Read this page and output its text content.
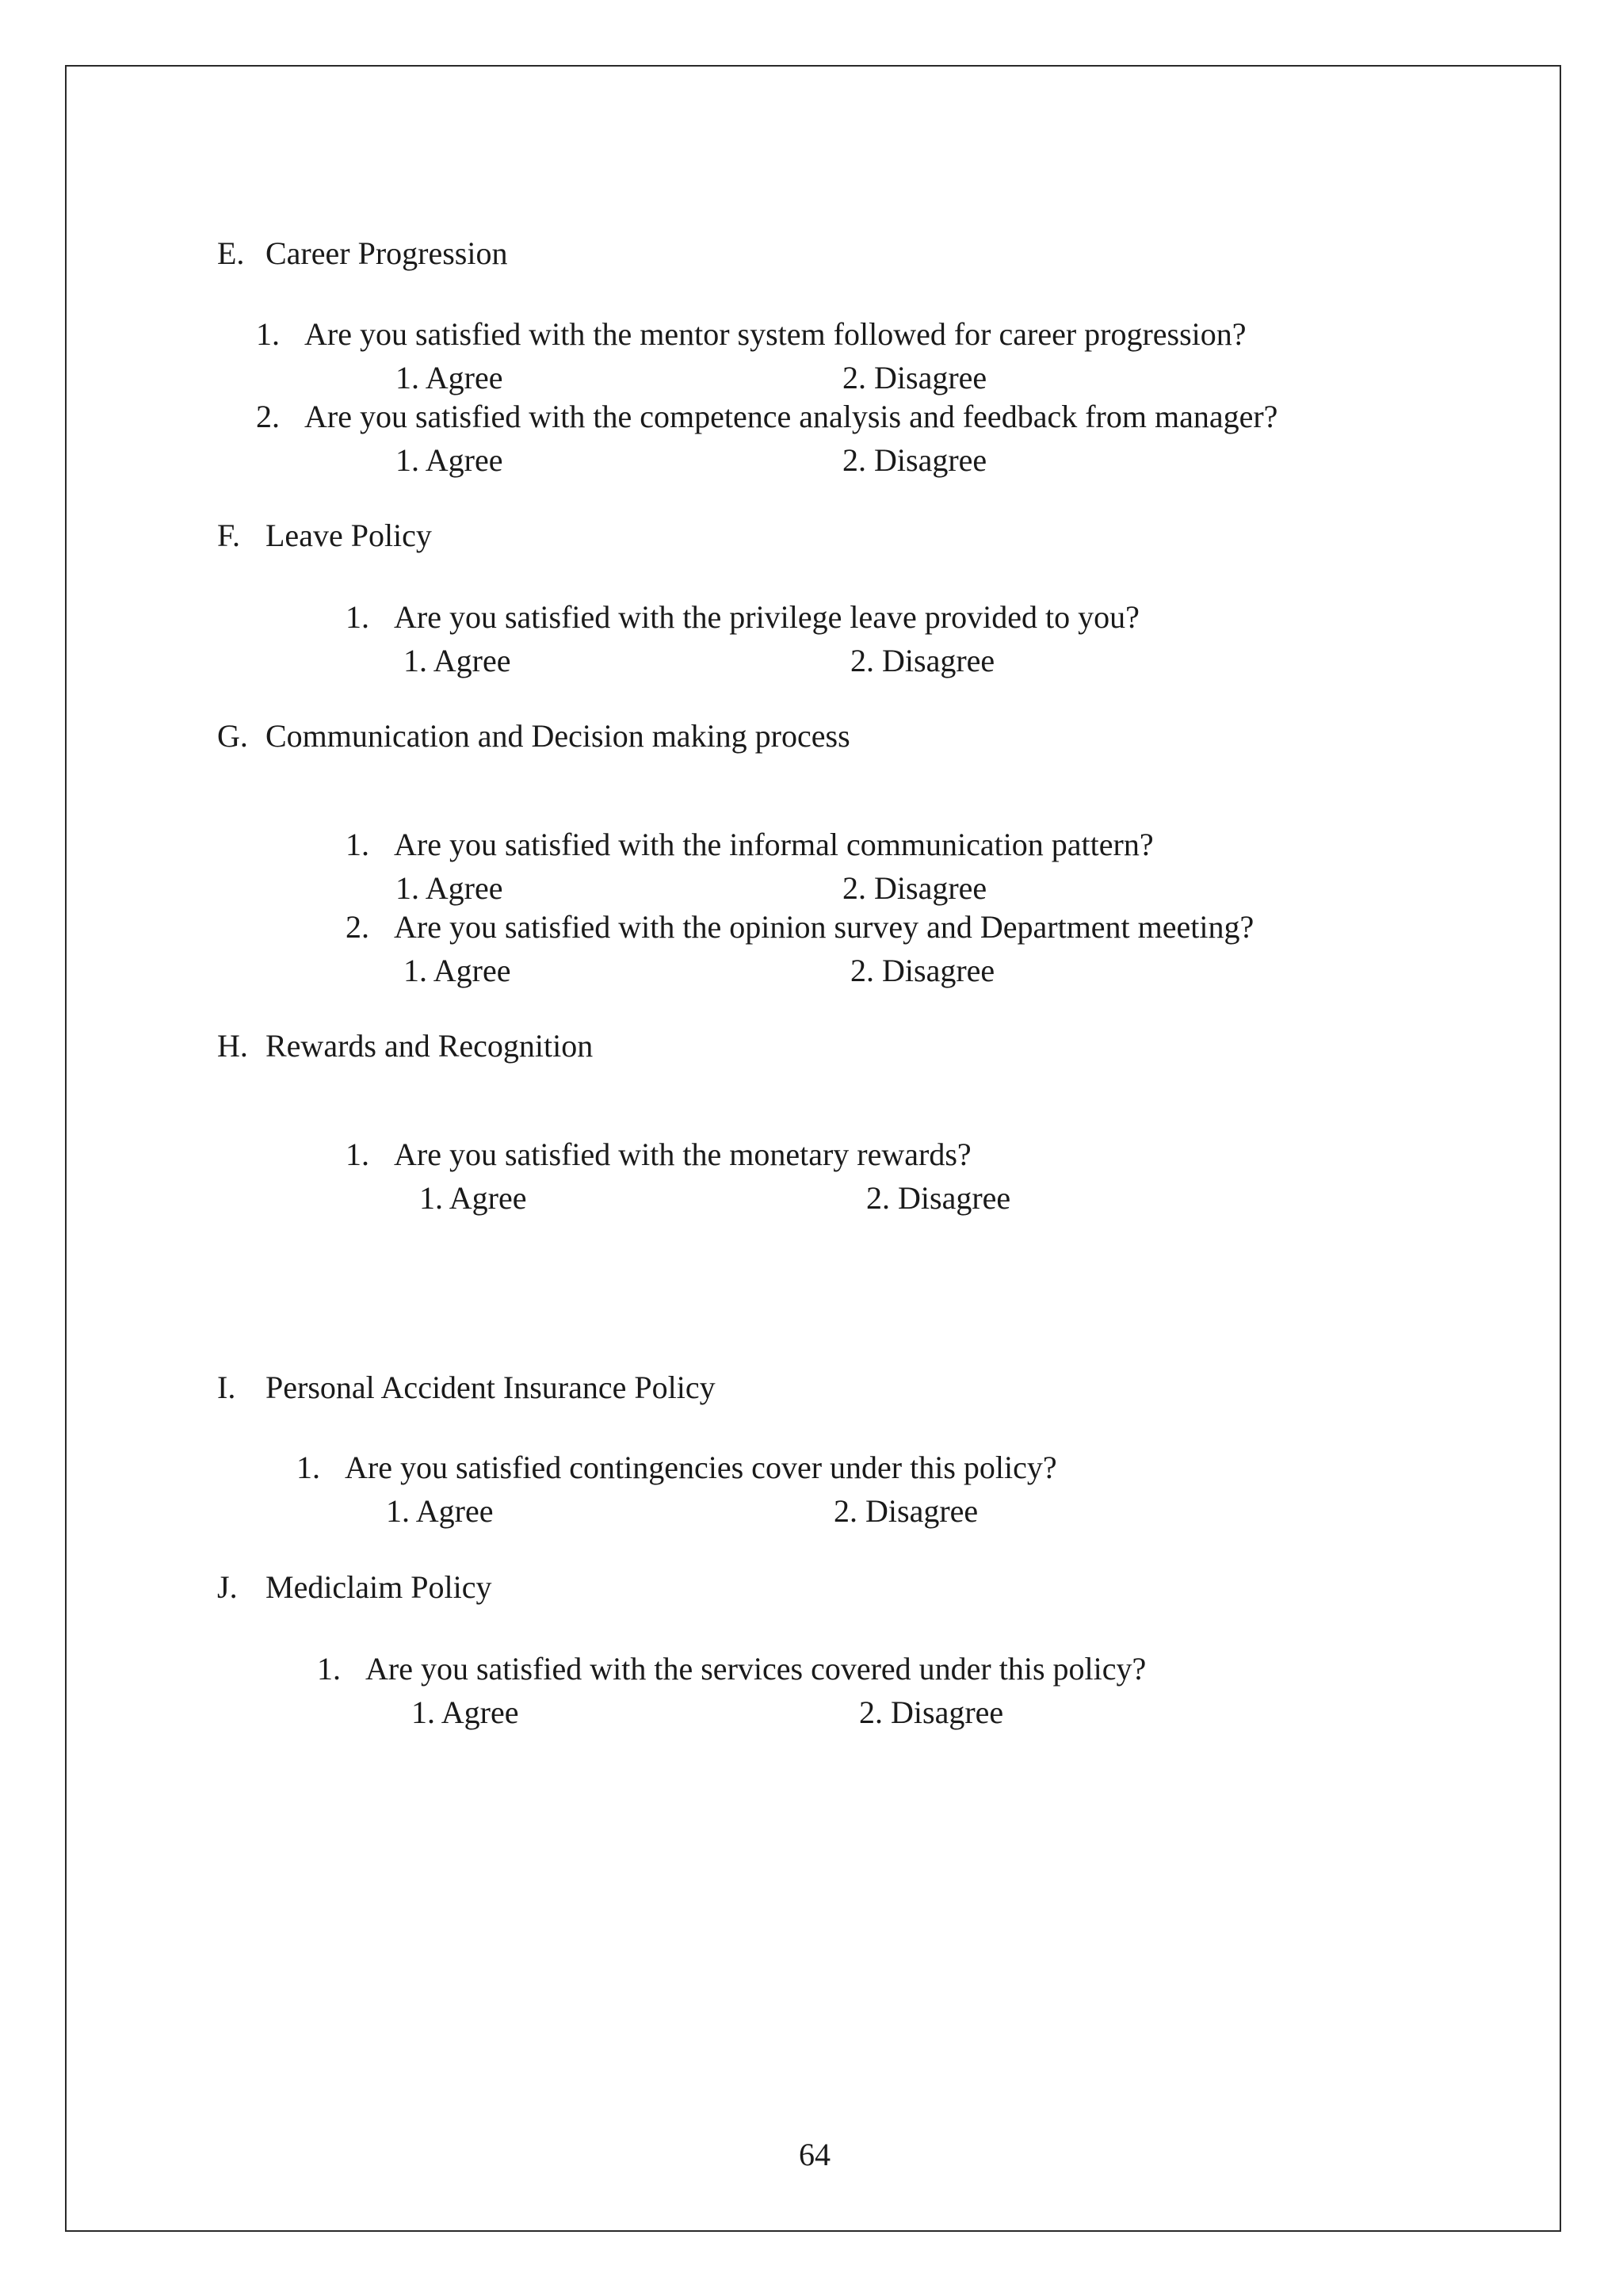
E. Career Progression
1. Are you satisfied with the mentor system followed for career progression?
1. Agree	2. Disagree
2. Are you satisfied with the competence analysis and feedback from manager?
1. Agree	2. Disagree
F. Leave Policy
1. Are you satisfied with the privilege leave provided to you?
1. Agree	2. Disagree
G. Communication and Decision making process
1. Are you satisfied with the informal communication pattern?
1. Agree	2. Disagree
2. Are you satisfied with the opinion survey and Department meeting?
1. Agree	2. Disagree
H. Rewards and Recognition
1. Are you satisfied with the monetary rewards?
1. Agree	2. Disagree
I. Personal Accident Insurance Policy
1. Are you satisfied contingencies cover under this policy?
1. Agree	2. Disagree
J. Mediclaim Policy
1. Are you satisfied with the services covered under this policy?
1. Agree	2. Disagree
64
